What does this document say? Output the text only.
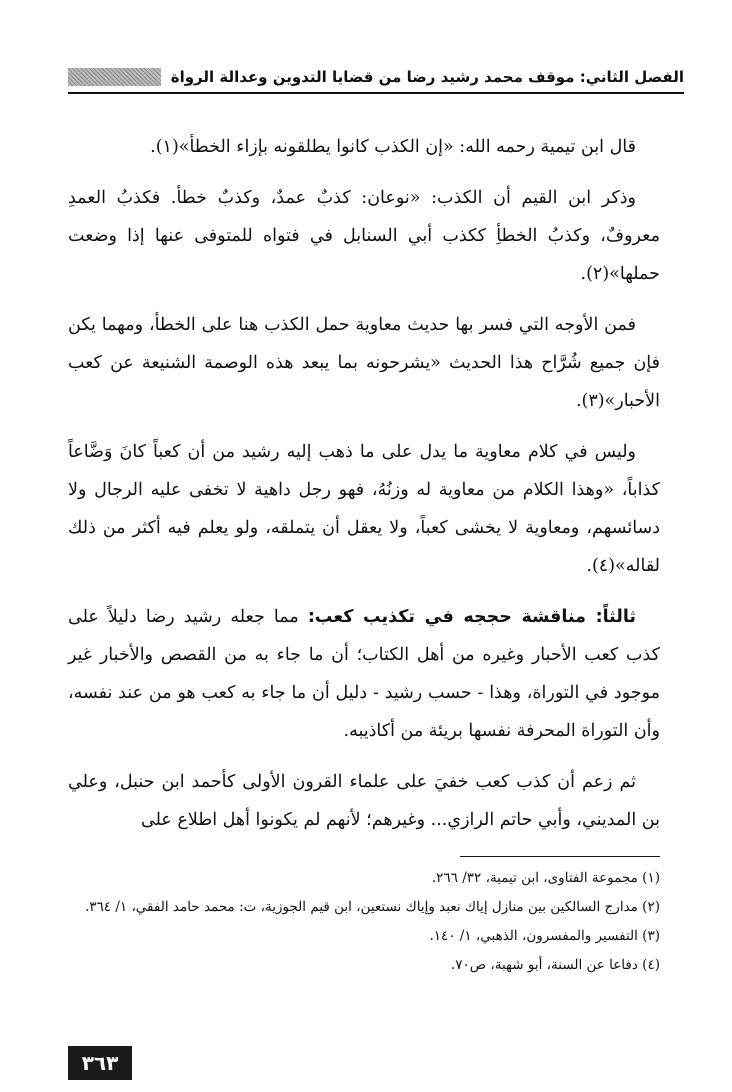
الفصل الثاني: موقف محمد رشيد رضا من قضايا التدوين وعدالة الرواة

قال ابن تيمية رحمه الله: «إن الكذب كانوا يطلقونه بإزاء الخطأ»(١).

وذكر ابن القيم أن الكذب: «نوعان: كذبٌ عمدٌ، وكذبٌ خطأ. فكذبُ العمدِ معروفٌ، وكذبُ الخطأِ ككذب أبي السنابل في فتواه للمتوفى عنها إذا وضعت حملها»(٢).

فمن الأوجه التي فسر بها حديث معاوية حمل الكذب هنا على الخطأ، ومهما يكن فإن جميع شُرَّاح هذا الحديث «يشرحونه بما يبعد هذه الوصمة الشنيعة عن كعب الأحبار»(٣).

وليس في كلام معاوية ما يدل على ما ذهب إليه رشيد من أن كعباً كانَ وَضَّاعاً كذاباً، «وهذا الكلام من معاوية له وزنُهُ، فهو رجل داهية لا تخفى عليه الرجال ولا دسائسهم، ومعاوية لا يخشى كعباً، ولا يعقل أن يتملقه، ولو يعلم فيه أكثر من ذلك لقاله»(٤).

ثالثاً: مناقشة حججه في تكذيب كعب: مما جعله رشيد رضا دليلاً على كذب كعب الأحبار وغيره من أهل الكتاب؛ أن ما جاء به من القصص والأخبار غير موجود في التوراة، وهذا - حسب رشيد - دليل أن ما جاء به كعب هو من عند نفسه، وأن التوراة المحرفة نفسها بريئة من أكاذيبه.

ثم زعم أن كذب كعب خفيَ على علماء القرون الأولى كأحمد ابن حنبل، وعلي بن المديني، وأبي حاتم الرازي... وغيرهم؛ لأنهم لم يكونوا أهل اطلاع على

(١) مجموعة الفتاوى، ابن تيمية، ٣٢/ ٢٦٦.

(٢) مدارج السالكين بين منازل إياك نعبد وإياك نستعين، ابن قيم الجوزية، ت: محمد حامد الفقي، ١/ ٣٦٤.

(٣) التفسير والمفسرون، الذهبي، ١/ ١٤٠.

(٤) دفاعا عن السنة، أبو شهبة، ص٧٠.

٣٦٣
